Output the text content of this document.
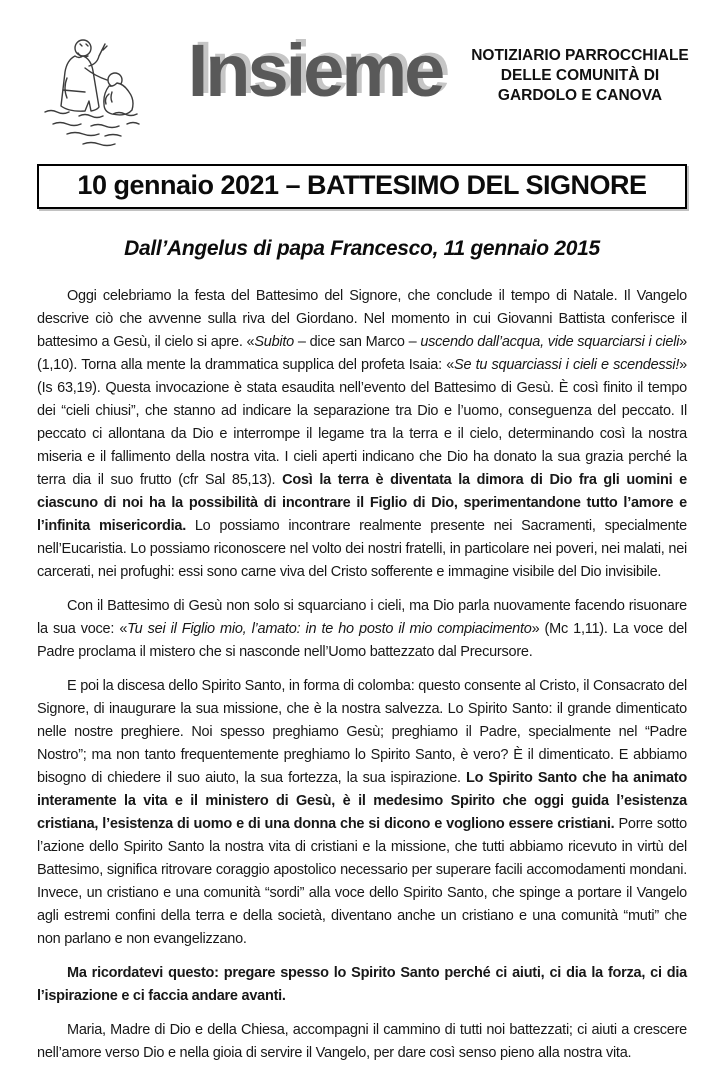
Insieme	NOTIZIARIO PARROCCHIALE
DELLE COMUNITÀ DI
GARDOLO E CANOVA
10 gennaio 2021 – BATTESIMO DEL SIGNORE
Dall’Angelus di papa Francesco, 11 gennaio 2015

Oggi celebriamo la festa del Battesimo del Signore, che conclude il tempo di Natale. Il Vangelo descrive ciò che avvenne sulla riva del Giordano. Nel momento in cui Giovanni Battista conferisce il battesimo a Gesù, il cielo si apre. «Subito – dice san Marco – uscendo dall’acqua, vide squarciarsi i cieli» (1,10). Torna alla mente la drammatica supplica del profeta Isaia: «Se tu squarciassi i cieli e scendessi!» (Is 63,19). Questa invocazione è stata esaudita nell’evento del Battesimo di Gesù. È così finito il tempo dei “cieli chiusi”, che stanno ad indicare la separazione tra Dio e l’uomo, conseguenza del peccato. Il peccato ci allontana da Dio e interrompe il legame tra la terra e il cielo, determinando così la nostra miseria e il fallimento della nostra vita. I cieli aperti indicano che Dio ha donato la sua grazia perché la terra dia il suo frutto (cfr Sal 85,13). Così la terra è diventata la dimora di Dio fra gli uomini e ciascuno di noi ha la possibilità di incontrare il Figlio di Dio, sperimentandone tutto l’amore e l’infinita misericordia. Lo possiamo incontrare realmente presente nei Sacramenti, specialmente nell’Eucaristia. Lo possiamo riconoscere nel volto dei nostri fratelli, in particolare nei poveri, nei malati, nei carcerati, nei profughi: essi sono carne viva del Cristo sofferente e immagine visibile del Dio invisibile.

Con il Battesimo di Gesù non solo si squarciano i cieli, ma Dio parla nuovamente facendo risuonare la sua voce: «Tu sei il Figlio mio, l’amato: in te ho posto il mio compiacimento» (Mc 1,11). La voce del Padre proclama il mistero che si nasconde nell’Uomo battezzato dal Precursore.

E poi la discesa dello Spirito Santo, in forma di colomba: questo consente al Cristo, il Consacrato del Signore, di inaugurare la sua missione, che è la nostra salvezza. Lo Spirito Santo: il grande dimenticato nelle nostre preghiere. Noi spesso preghiamo Gesù; preghiamo il Padre, specialmente nel “Padre Nostro”; ma non tanto frequentemente preghiamo lo Spirito Santo, è vero? È il dimenticato. E abbiamo bisogno di chiedere il suo aiuto, la sua fortezza, la sua ispirazione. Lo Spirito Santo che ha animato interamente la vita e il ministero di Gesù, è il medesimo Spirito che oggi guida l’esistenza cristiana, l’esistenza di uomo e di una donna che si dicono e vogliono essere cristiani. Porre sotto l’azione dello Spirito Santo la nostra vita di cristiani e la missione, che tutti abbiamo ricevuto in virtù del Battesimo, significa ritrovare coraggio apostolico necessario per superare facili accomodamenti mondani. Invece, un cristiano e una comunità “sordi” alla voce dello Spirito Santo, che spinge a portare il Vangelo agli estremi confini della terra e della società, diventano anche un cristiano e una comunità “muti” che non parlano e non evangelizzano.

Ma ricordatevi questo: pregare spesso lo Spirito Santo perché ci aiuti, ci dia la forza, ci dia l’ispirazione e ci faccia andare avanti.

Maria, Madre di Dio e della Chiesa, accompagni il cammino di tutti noi battezzati; ci aiuti a crescere nell’amore verso Dio e nella gioia di servire il Vangelo, per dare così senso pieno alla nostra vita.
